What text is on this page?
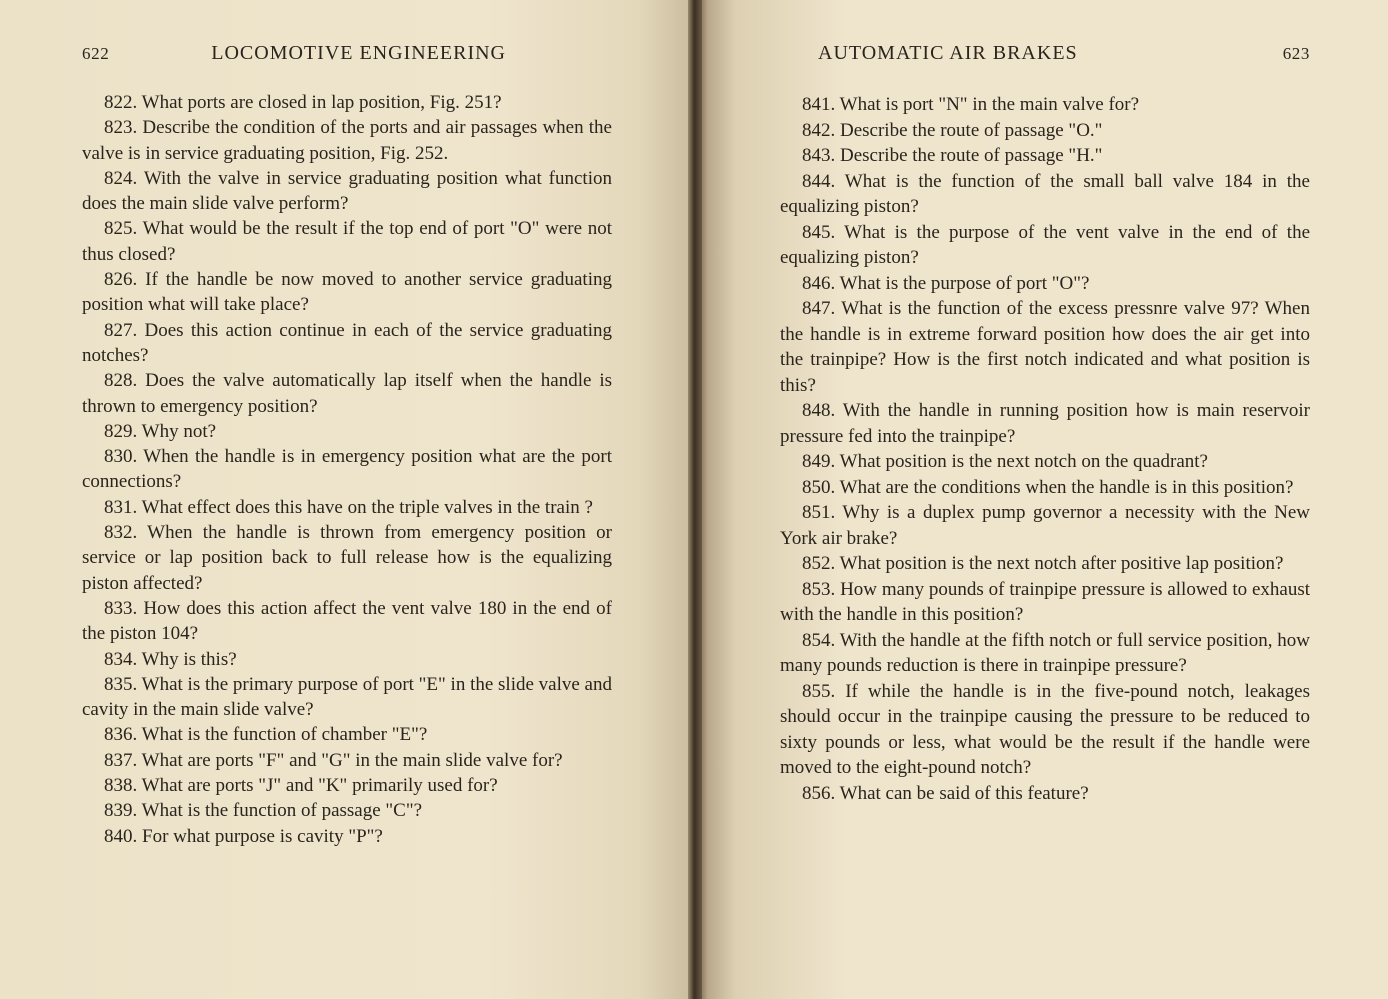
622	LOCOMOTIVE ENGINEERING

822. What ports are closed in lap position, Fig. 251?

823. Describe the condition of the ports and air passages when the valve is in service graduating position, Fig. 252.

824. With the valve in service graduating position what function does the main slide valve perform?

825. What would be the result if the top end of port "O" were not thus closed?

826. If the handle be now moved to another service graduating position what will take place?

827. Does this action continue in each of the service graduating notches?

828. Does the valve automatically lap itself when the handle is thrown to emergency position?

829. Why not?

830. When the handle is in emergency position what are the port connections?

831. What effect does this have on the triple valves in the train ?

832. When the handle is thrown from emergency position or service or lap position back to full release how is the equalizing piston affected?

833. How does this action affect the vent valve 180 in the end of the piston 104?

834. Why is this?

835. What is the primary purpose of port "E" in the slide valve and cavity in the main slide valve?

836. What is the function of chamber "E"?

837. What are ports "F" and "G" in the main slide valve for?

838. What are ports "J" and "K" primarily used for?

839. What is the function of passage "C"?

840. For what purpose is cavity "P"?

AUTOMATIC AIR BRAKES	623

841. What is port "N" in the main valve for?

842. Describe the route of passage "O."

843. Describe the route of passage "H."

844. What is the function of the small ball valve 184 in the equalizing piston?

845. What is the purpose of the vent valve in the end of the equalizing piston?

846. What is the purpose of port "O"?

847. What is the function of the excess pressnre valve 97? When the handle is in extreme forward position how does the air get into the trainpipe? How is the first notch indicated and what position is this?

848. With the handle in running position how is main reservoir pressure fed into the trainpipe?

849. What position is the next notch on the quadrant?

850. What are the conditions when the handle is in this position?

851. Why is a duplex pump governor a necessity with the New York air brake?

852. What position is the next notch after positive lap position?

853. How many pounds of trainpipe pressure is allowed to exhaust with the handle in this position?

854. With the handle at the fifth notch or full service position, how many pounds reduction is there in trainpipe pressure?

855. If while the handle is in the five-pound notch, leakages should occur in the trainpipe causing the pressure to be reduced to sixty pounds or less, what would be the result if the handle were moved to the eight-pound notch?

856. What can be said of this feature?
